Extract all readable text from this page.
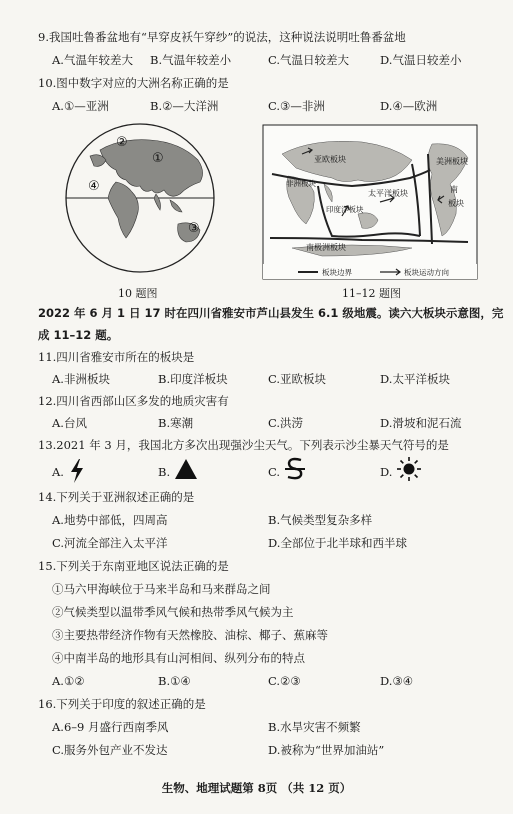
9.我国吐鲁番盆地有“早穿皮袄午穿纱”的说法，这种说法说明吐鲁番盆地
A.气温年较差大 B.气温年较差小	C.气温日较差大	D.气温日较差小
10.图中数字对应的大洲名称正确的是
A.①—亚洲	B.②—大洋洲	C.③—非洲	D.④—欧洲
①
②
③
④
10 题图
亚欧板块
非洲板块
印度洋板块
太平洋板块
美洲板块
南极洲板块
南
板块
板块边界	板块运动方向
11–12 题图
2022 年 6 月 1 日 17 时在四川省雅安市芦山县发生 6.1 级地震。读六大板块示意图，完
成 11–12 题。
11.四川省雅安市所在的板块是
A.非洲板块	B.印度洋板块	C.亚欧板块	D.太平洋板块
12.四川省西部山区多发的地质灾害有
A.台风	B.寒潮	C.洪涝	D.滑坡和泥石流
13.2021 年 3 月，我国北方多次出现强沙尘天气。下列表示沙尘暴天气符号的是
A.	B.	C.	D.
14.下列关于亚洲叙述正确的是
A.地势中部低，四周高	B.气候类型复杂多样
C.河流全部注入太平洋	D.全部位于北半球和西半球
15.下列关于东南亚地区说法正确的是
①马六甲海峡位于马来半岛和马来群岛之间
②气候类型以温带季风气候和热带季风气候为主
③主要热带经济作物有天然橡胶、油棕、椰子、蕉麻等
④中南半岛的地形具有山河相间、纵列分布的特点
A.①②	B.①④	C.②③	D.③④
16.下列关于印度的叙述正确的是
A.6–9 月盛行西南季风	B.水旱灾害不频繁
C.服务外包产业不发达	D.被称为“世界加油站”
生物、地理试题第 8页 （共 12 页）
